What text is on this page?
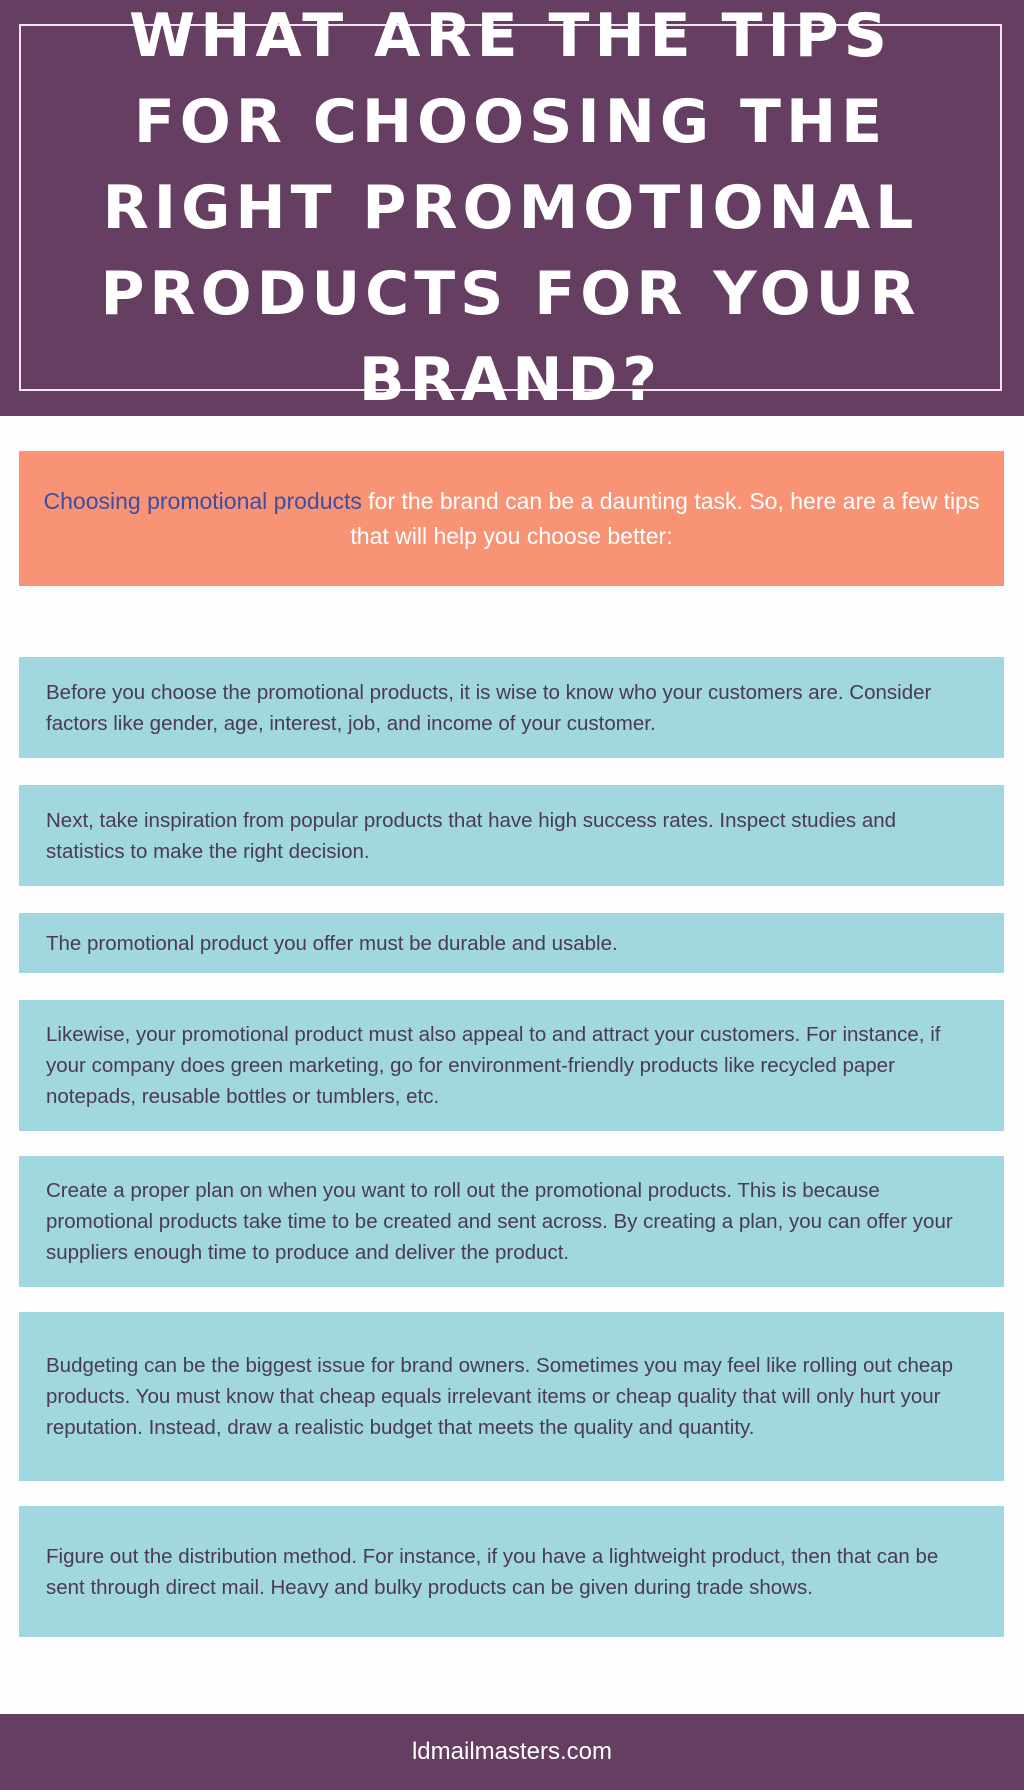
WHAT ARE THE TIPS FOR CHOOSING THE RIGHT PROMOTIONAL PRODUCTS FOR YOUR BRAND?

Choosing promotional products for the brand can be a daunting task. So, here are a few tips that will help you choose better:

Before you choose the promotional products, it is wise to know who your customers are. Consider factors like gender, age, interest, job, and income of your customer.

Next, take inspiration from popular products that have high success rates. Inspect studies and statistics to make the right decision.

The promotional product you offer must be durable and usable.

Likewise, your promotional product must also appeal to and attract your customers. For instance, if your company does green marketing, go for environment-friendly products like recycled paper notepads, reusable bottles or tumblers, etc.

Create a proper plan on when you want to roll out the promotional products. This is because promotional products take time to be created and sent across. By creating a plan, you can offer your suppliers enough time to produce and deliver the product.

Budgeting can be the biggest issue for brand owners. Sometimes you may feel like rolling out cheap products. You must know that cheap equals irrelevant items or cheap quality that will only hurt your reputation. Instead, draw a realistic budget that meets the quality and quantity.

Figure out the distribution method. For instance, if you have a lightweight product, then that can be sent through direct mail. Heavy and bulky products can be given during trade shows.

ldmailmasters.com
